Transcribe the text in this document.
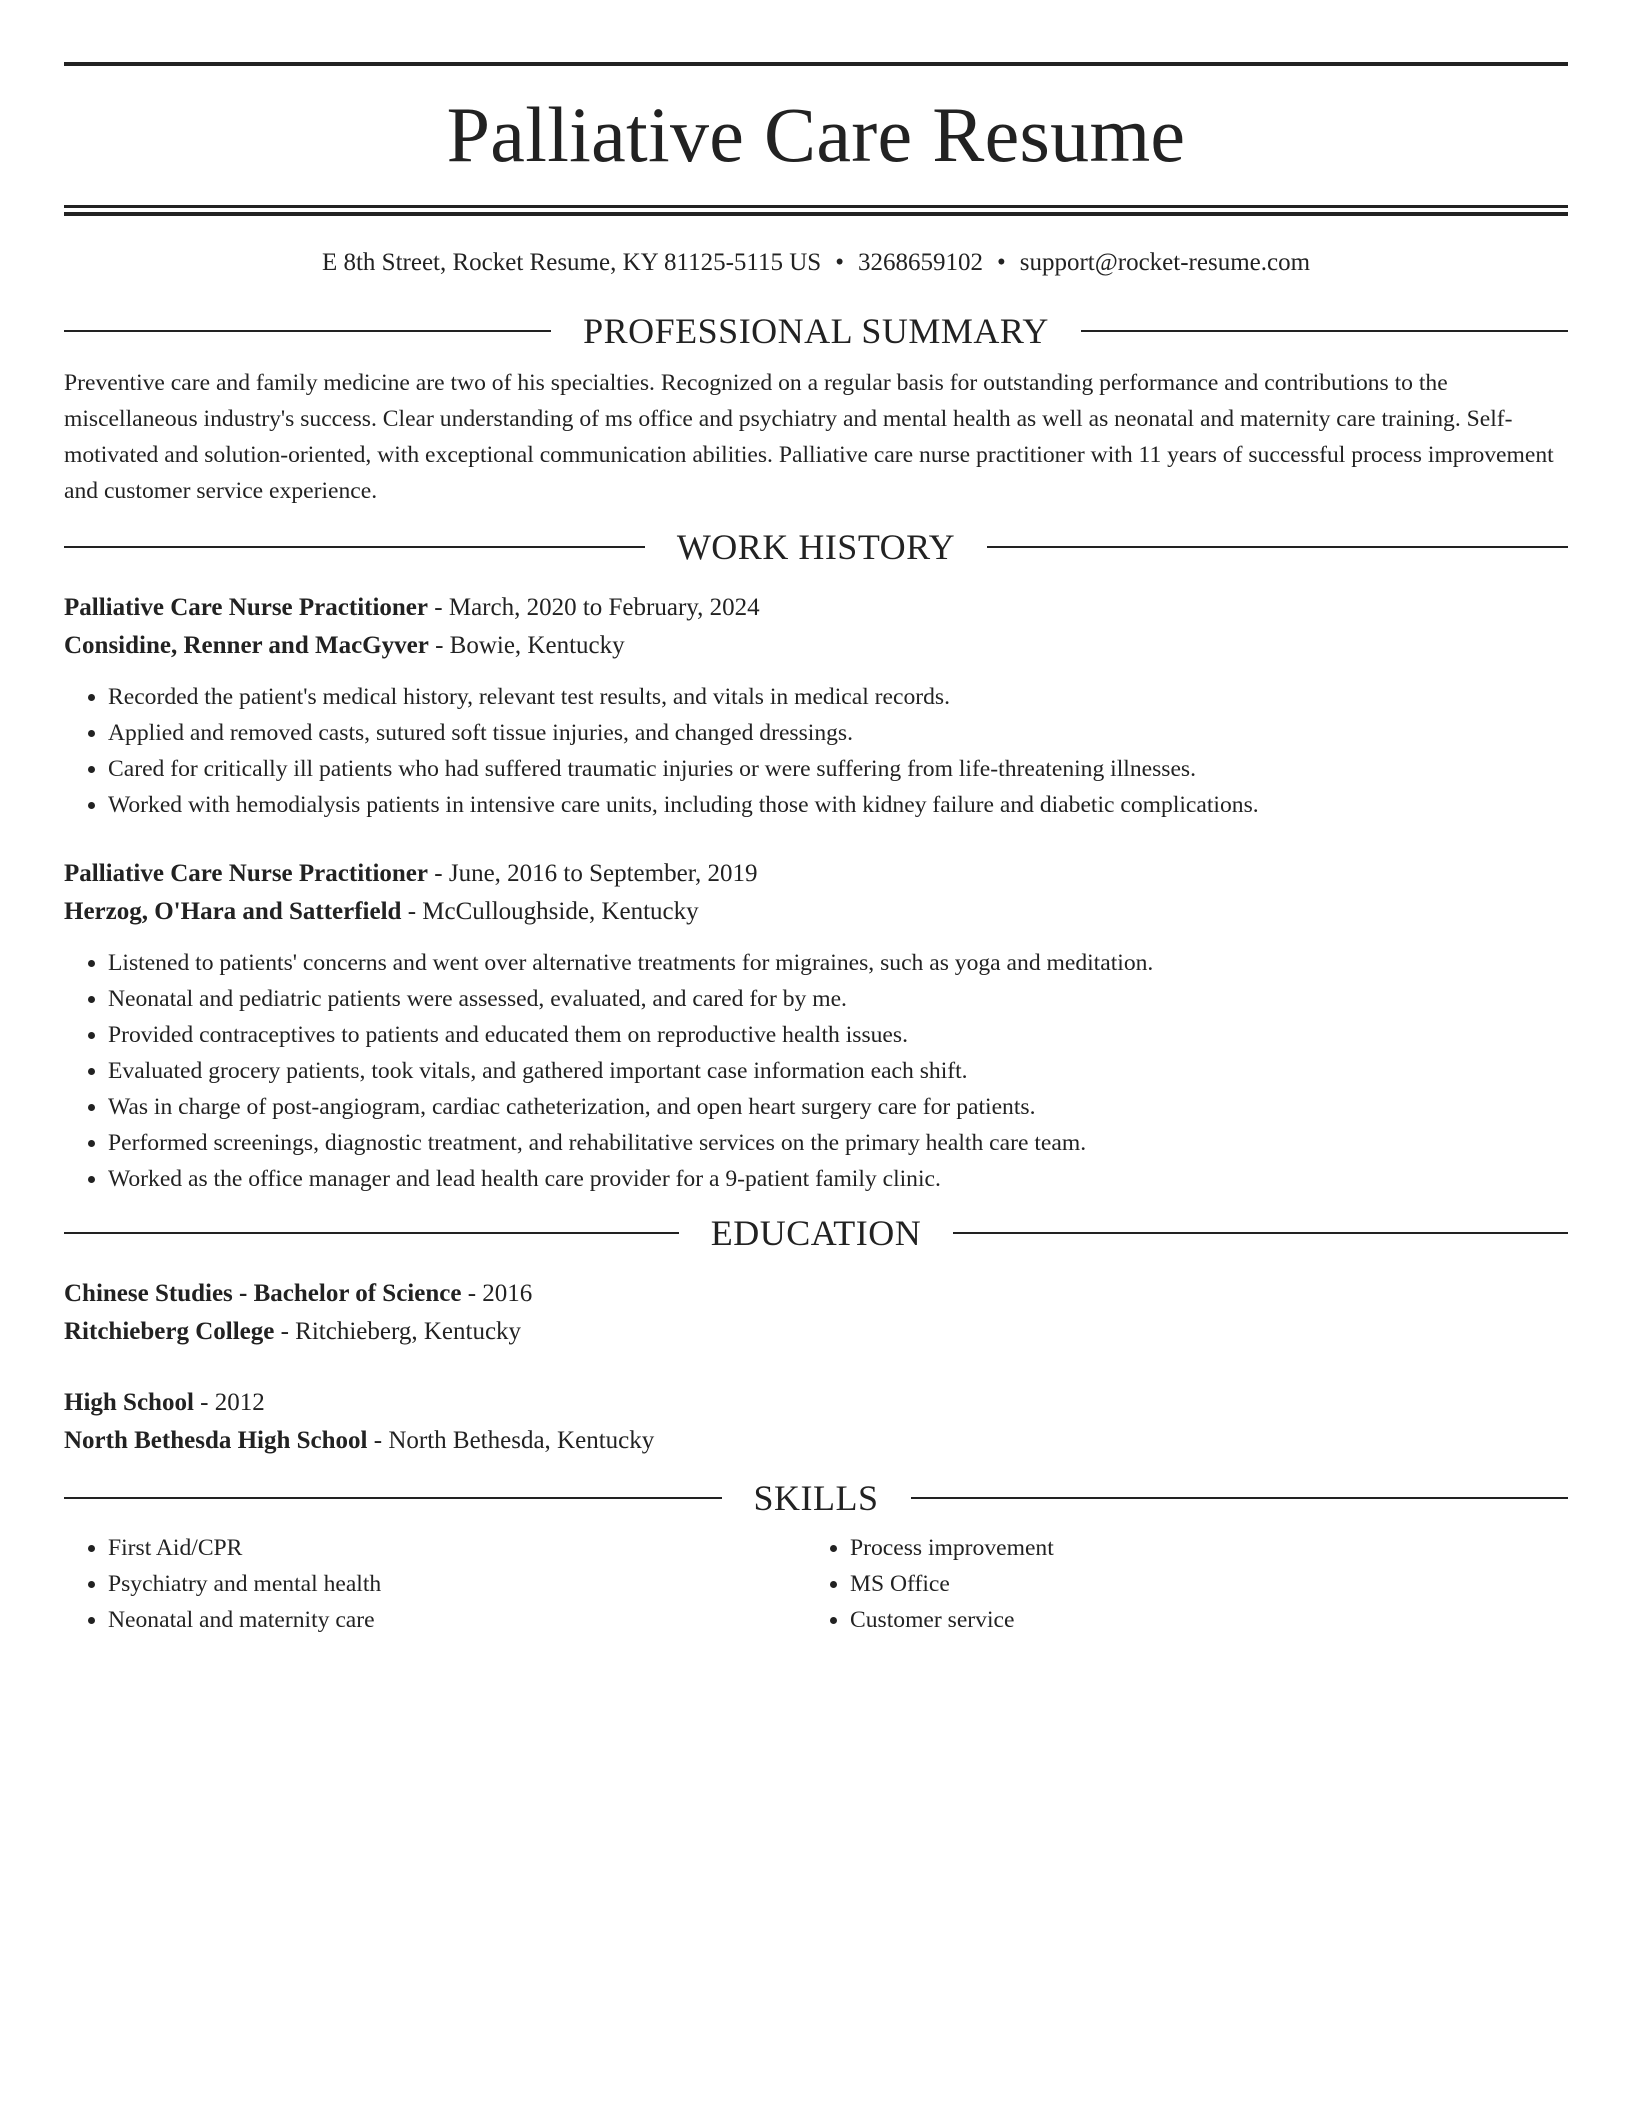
Palliative Care Resume
E 8th Street, Rocket Resume, KY 81125-5115 US • 3268659102 • support@rocket-resume.com
PROFESSIONAL SUMMARY
Preventive care and family medicine are two of his specialties. Recognized on a regular basis for outstanding performance and contributions to the miscellaneous industry's success. Clear understanding of ms office and psychiatry and mental health as well as neonatal and maternity care training. Self-motivated and solution-oriented, with exceptional communication abilities. Palliative care nurse practitioner with 11 years of successful process improvement and customer service experience.
WORK HISTORY
Palliative Care Nurse Practitioner - March, 2020 to February, 2024
Considine, Renner and MacGyver - Bowie, Kentucky
• Recorded the patient's medical history, relevant test results, and vitals in medical records.
• Applied and removed casts, sutured soft tissue injuries, and changed dressings.
• Cared for critically ill patients who had suffered traumatic injuries or were suffering from life-threatening illnesses.
• Worked with hemodialysis patients in intensive care units, including those with kidney failure and diabetic complications.
Palliative Care Nurse Practitioner - June, 2016 to September, 2019
Herzog, O'Hara and Satterfield - McCulloughside, Kentucky
• Listened to patients' concerns and went over alternative treatments for migraines, such as yoga and meditation.
• Neonatal and pediatric patients were assessed, evaluated, and cared for by me.
• Provided contraceptives to patients and educated them on reproductive health issues.
• Evaluated grocery patients, took vitals, and gathered important case information each shift.
• Was in charge of post-angiogram, cardiac catheterization, and open heart surgery care for patients.
• Performed screenings, diagnostic treatment, and rehabilitative services on the primary health care team.
• Worked as the office manager and lead health care provider for a 9-patient family clinic.
EDUCATION
Chinese Studies - Bachelor of Science - 2016
Ritchieberg College - Ritchieberg, Kentucky
High School - 2012
North Bethesda High School - North Bethesda, Kentucky
SKILLS
• First Aid/CPR
• Psychiatry and mental health
• Neonatal and maternity care
• Process improvement
• MS Office
• Customer service
